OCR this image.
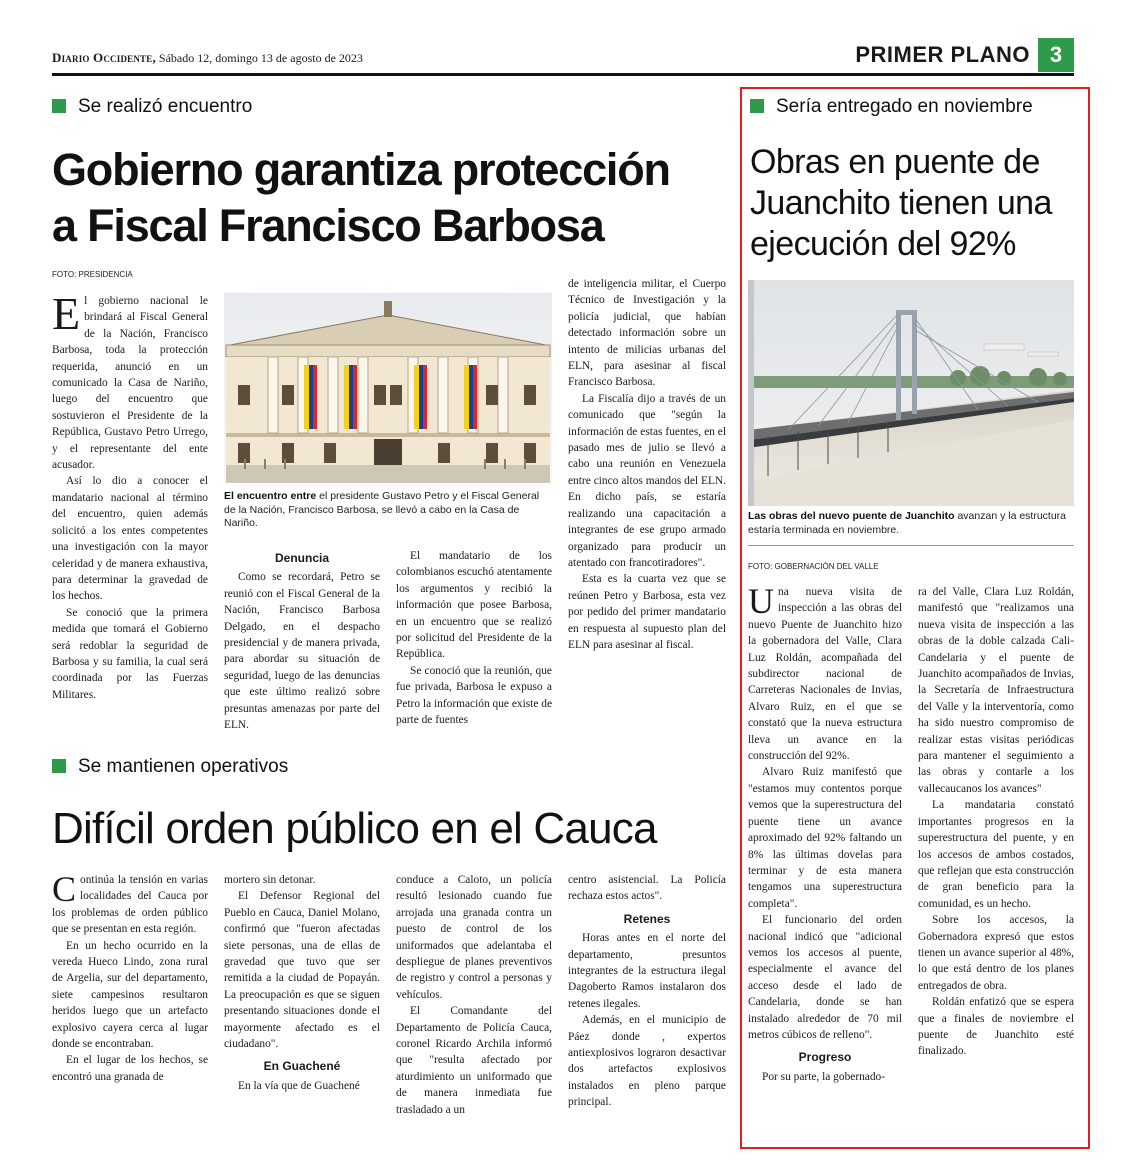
Diario Occidente, Sábado 12, domingo 13 de agosto de 2023	PRIMER PLANO 3
Se realizó encuentro
Gobierno garantiza protección
a Fiscal Francisco Barbosa
FOTO: PRESIDENCIA

El gobierno nacional le brindará al Fiscal General de la Nación, Francisco Barbosa, toda la protección requerida, anunció en un comunicado la Casa de Nariño, luego del encuentro que sostuvieron el Presidente de la República, Gustavo Petro Urrego, y el representante del ente acusador.

Así lo dio a conocer el mandatario nacional al término del encuentro, quien además solicitó a los entes competentes una investigación con la mayor celeridad y de manera exhaustiva, para determinar la gravedad de los hechos.

Se conoció que la primera medida que tomará el Gobierno será redoblar la seguridad de Barbosa y su familia, la cual será coordinada por las Fuerzas Militares.

El encuentro entre el presidente Gustavo Petro y el Fiscal General de la Nación, Francisco Barbosa, se llevó a cabo en la Casa de Nariño.
Denuncia

Como se recordará, Petro se reunió con el Fiscal General de la Nación, Francisco Barbosa Delgado, en el despacho presidencial y de manera privada, para abordar su situación de seguridad, luego de las denuncias que este último realizó sobre presuntas amenazas por parte del ELN.

El mandatario de los colombianos escuchó atentamente los argumentos y recibió la información que posee Barbosa, en un encuentro que se realizó por solicitud del Presidente de la República.

Se conoció que la reunión, que fue privada, Barbosa le expuso a Petro la información que existe de parte de fuentes

de inteligencia militar, el Cuerpo Técnico de Investigación y la policía judicial, que habían detectado información sobre un intento de milicias urbanas del ELN, para asesinar al fiscal Francisco Barbosa.

La Fiscalía dijo a través de un comunicado que "según la información de estas fuentes, en el pasado mes de julio se llevó a cabo una reunión en Venezuela entre cinco altos mandos del ELN. En dicho país, se estaría realizando una capacitación a integrantes de ese grupo armado organizado para producir un atentado con francotiradores".

Esta es la cuarta vez que se reúnen Petro y Barbosa, esta vez por pedido del primer mandatario en respuesta al supuesto plan del ELN para asesinar al fiscal.

Se mantienen operativos
Difícil orden público en el Cauca

Continúa la tensión en varias localidades del Cauca por los problemas de orden público que se presentan en esta región.

En un hecho ocurrido en la vereda Hueco Lindo, zona rural de Argelia, sur del departamento, siete campesinos resultaron heridos luego que un artefacto explosivo cayera cerca al lugar donde se encontraban.

En el lugar de los hechos, se encontró una granada de

mortero sin detonar.

El Defensor Regional del Pueblo en Cauca, Daniel Molano, confirmó que "fueron afectadas siete personas, una de ellas de gravedad que tuvo que ser remitida a la ciudad de Popayán. La preocupación es que se siguen presentando situaciones donde el mayormente afectado es el ciudadano".

En Guachené

En la vía que de Guachené

conduce a Caloto, un policía resultó lesionado cuando fue arrojada una granada contra un puesto de control de los uniformados que adelantaba el despliegue de planes preventivos de registro y control a personas y vehículos.

El Comandante del Departamento de Policía Cauca, coronel Ricardo Archila informó que "resulta afectado por aturdimiento un uniformado que de manera inmediata fue trasladado a un

centro asistencial. La Policía rechaza estos actos".

Retenes

Horas antes en el norte del departamento, presuntos integrantes de la estructura ilegal Dagoberto Ramos instalaron dos retenes ilegales.

Además, en el municipio de Páez donde , expertos antiexplosivos lograron desactivar dos artefactos explosivos instalados en pleno parque principal.

Sería entregado en noviembre
Obras en puente de
Juanchito tienen una
ejecución del 92%
Las obras del nuevo puente de Juanchito avanzan y la estructura estaría terminada en noviembre.
FOTO: GOBERNACIÓN DEL VALLE

Una nueva visita de inspección a las obras del nuevo Puente de Juanchito hizo la gobernadora del Valle, Clara Luz Roldán, acompañada del subdirector nacional de Carreteras Nacionales de Invias, Alvaro Ruiz, en el que se constató que la nueva estructura lleva un avance en la construcción del 92%.

Alvaro Ruiz manifestó que "estamos muy contentos porque vemos que la superestructura del puente tiene un avance aproximado del 92% faltando un 8% las últimas dovelas para terminar y de esta manera tengamos una superestructura completa".

El funcionario del orden nacional indicó que "adicional vemos los accesos al puente, especialmente el avance del acceso desde el lado de Candelaria, donde se han instalado alrededor de 70 mil metros cúbicos de relleno".

Progreso

Por su parte, la gobernado-

ra del Valle, Clara Luz Roldán, manifestó que "realizamos una nueva visita de inspección a las obras de la doble calzada Cali- Candelaria y el puente de Juanchito acompañados de Invias, la Secretaría de Infraestructura del Valle y la interventoría, como ha sido nuestro compromiso de realizar estas visitas periódicas para mantener el seguimiento a las obras y contarle a los vallecaucanos los avances"

La mandataria constató importantes progresos en la superestructura del puente, y en los accesos de ambos costados, que reflejan que esta construcción de gran beneficio para la comunidad, es un hecho.

Sobre los accesos, la Gobernadora expresó que estos tienen un avance superior al 48%, lo que está dentro de los planes entregados de obra.

Roldán enfatizó que se espera que a finales de noviembre el puente de Juanchito esté finalizado.
